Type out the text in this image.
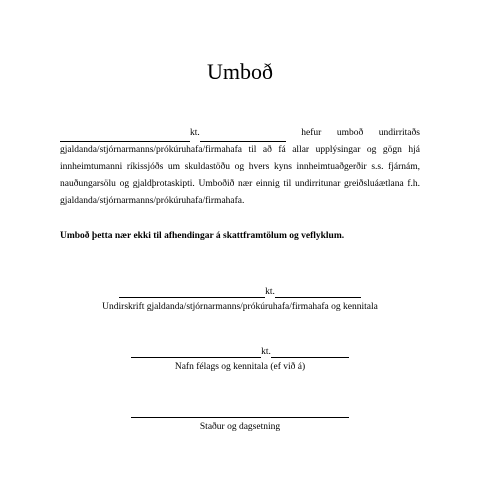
Umboð
kt.	hefur umboð undirritaðs
gjaldanda/stjórnarmanns/prókúruhafa/firmahafa til að fá allar upplýsingar og gögn hjá innheimtumanni ríkissjóðs um skuldastöðu og hvers kyns innheimtuaðgerðir s.s. fjárnám, nauðungarsölu og gjaldþrotaskipti. Umboðið nær einnig til undirritunar greiðsluáætlana f.h. gjaldanda/stjórnarmanns/prókúruhafa/firmahafa.
Umboð þetta nær ekki til afhendingar á skattframtölum og veflyklum.
kt.
Undirskrift gjaldanda/stjórnarmanns/prókúruhafa/firmahafa og kennitala
kt.
Nafn félags og kennitala (ef við á)
Staður og dagsetning
